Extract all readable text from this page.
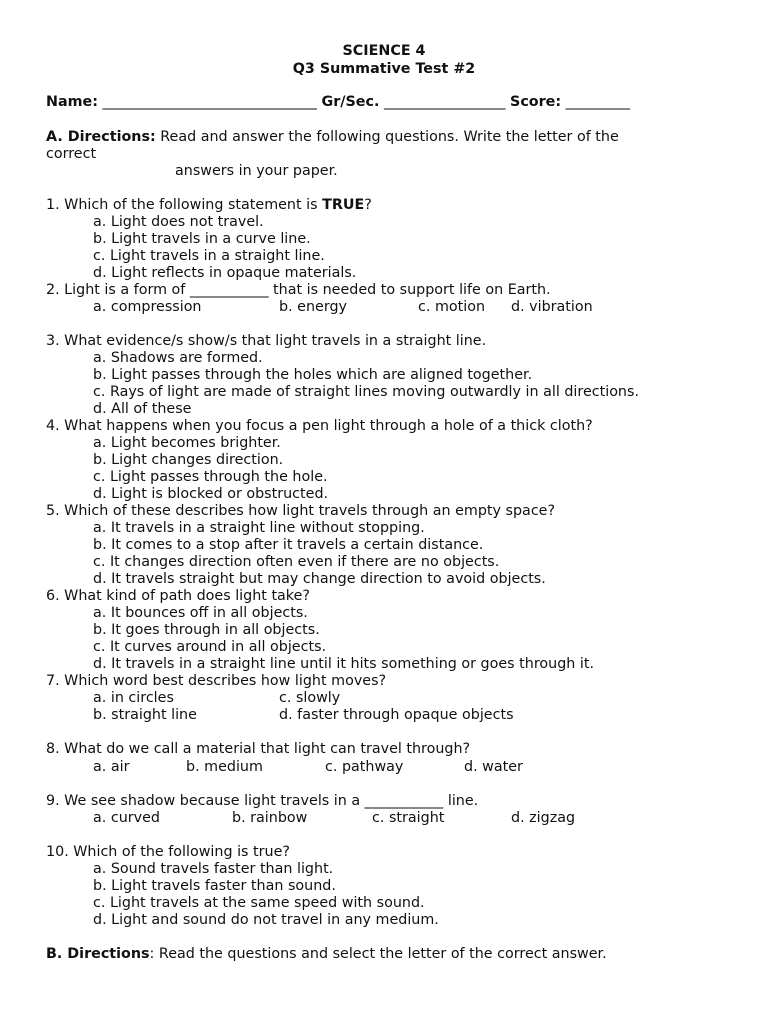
SCIENCE 4
Q3 Summative Test #2
Name: ______________________________ Gr/Sec. _________________ Score: _________
A. Directions: Read and answer the following questions. Write the letter of the
correct
answers in your paper.
1. Which of the following statement is TRUE?
a. Light does not travel.
b. Light travels in a curve line.
c. Light travels in a straight line.
d. Light reflects in opaque materials.
2. Light is a form of ___________ that is needed to support life on Earth.
a. compression	b. energy	c. motion d. vibration
3. What evidence/s show/s that light travels in a straight line.
a. Shadows are formed.
b. Light passes through the holes which are aligned together.
c. Rays of light are made of straight lines moving outwardly in all directions.
d. All of these
4. What happens when you focus a pen light through a hole of a thick cloth?
a. Light becomes brighter.
b. Light changes direction.
c. Light passes through the hole.
d. Light is blocked or obstructed.
5. Which of these describes how light travels through an empty space?
a. It travels in a straight line without stopping.
b. It comes to a stop after it travels a certain distance.
c. It changes direction often even if there are no objects.
d. It travels straight but may change direction to avoid objects.
6. What kind of path does light take?
a. It bounces off in all objects.
b. It goes through in all objects.
c. It curves around in all objects.
d. It travels in a straight line until it hits something or goes through it.
7. Which word best describes how light moves?
a. in circles	c. slowly
b. straight line	d. faster through opaque objects
8. What do we call a material that light can travel through?
a. air	b. medium	c. pathway	d. water
9. We see shadow because light travels in a ___________ line.
a. curved	b. rainbow	c. straight	d. zigzag
10. Which of the following is true?
a. Sound travels faster than light.
b. Light travels faster than sound.
c. Light travels at the same speed with sound.
d. Light and sound do not travel in any medium.
B. Directions: Read the questions and select the letter of the correct answer.
